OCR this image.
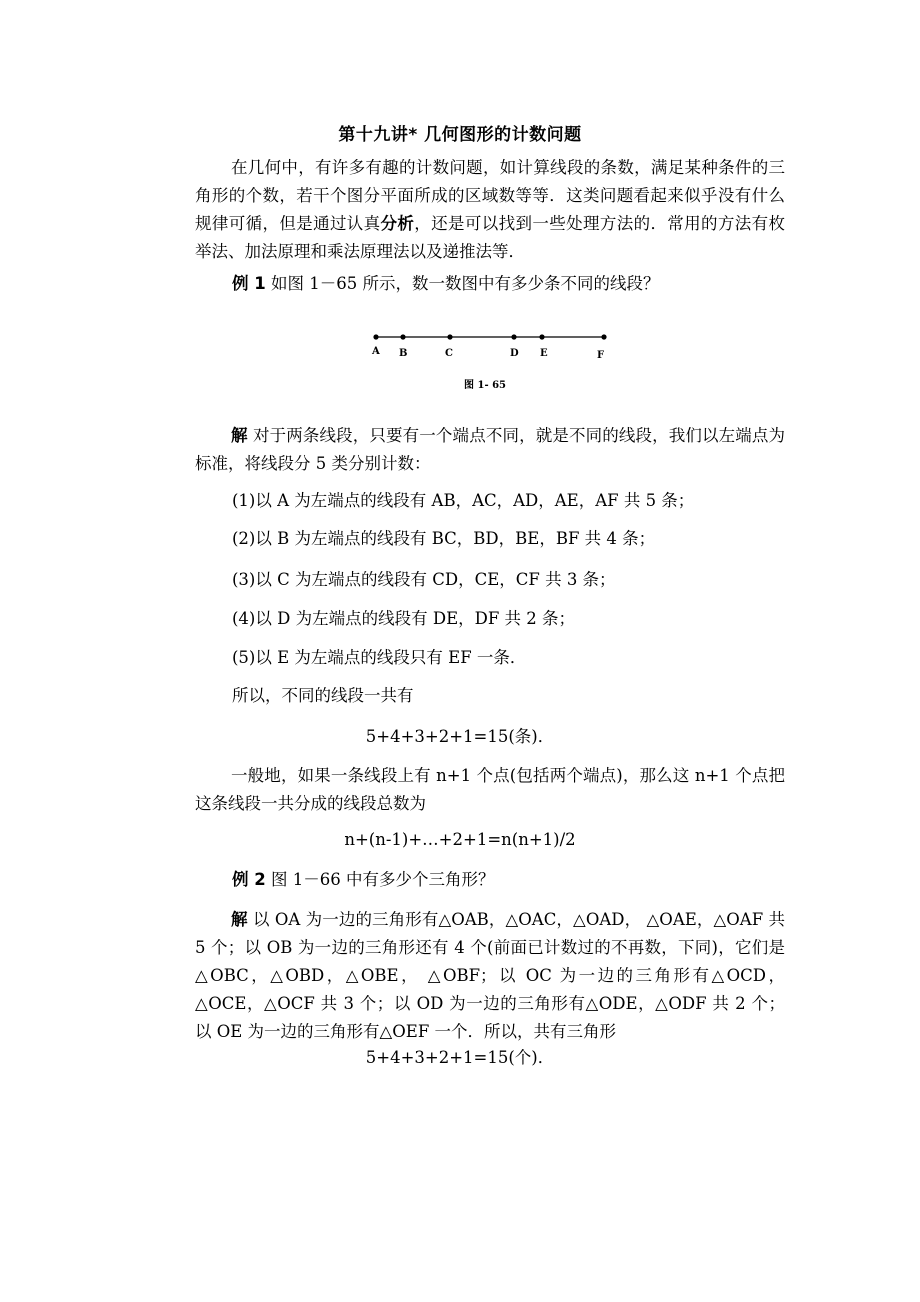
第十九讲* 几何图形的计数问题
在几何中，有许多有趣的计数问题，如计算线段的条数，满足某种条件的三角形的个数，若干个图分平面所成的区域数等等．这类问题看起来似乎没有什么规律可循，但是通过认真分析，还是可以找到一些处理方法的．常用的方法有枚举法、加法原理和乘法原理法以及递推法等．
例 1 如图 1－65 所示，数一数图中有多少条不同的线段？
A B	C	D E	F
图 1- 65
解 对于两条线段，只要有一个端点不同，就是不同的线段，我们以左端点为标准，将线段分 5 类分别计数：
(1)以 A 为左端点的线段有 AB，AC，AD，AE，AF 共 5 条；
(2)以 B 为左端点的线段有 BC，BD，BE，BF 共 4 条；
(3)以 C 为左端点的线段有 CD，CE，CF 共 3 条；
(4)以 D 为左端点的线段有 DE，DF 共 2 条；
(5)以 E 为左端点的线段只有 EF 一条．
所以，不同的线段一共有
5+4+3+2+1=15(条)．
一般地，如果一条线段上有 n+1 个点(包括两个端点)，那么这 n+1 个点把这条线段一共分成的线段总数为
n+(n-1)+…+2+1=n(n+1)/2
例 2 图 1－66 中有多少个三角形？
解 以 OA 为一边的三角形有△OAB，△OAC，△OAD， △OAE，△OAF 共 5 个；以 OB 为一边的三角形还有 4 个(前面已计数过的不再数，下同)，它们是△OBC，△OBD，△OBE， △OBF；以 OC 为一边的三角形有△OCD，△OCE，△OCF 共 3 个；以 OD 为一边的三角形有△ODE，△ODF 共 2 个；以 OE 为一边的三角形有△OEF 一个．所以，共有三角形
5+4+3+2+1=15(个)．
